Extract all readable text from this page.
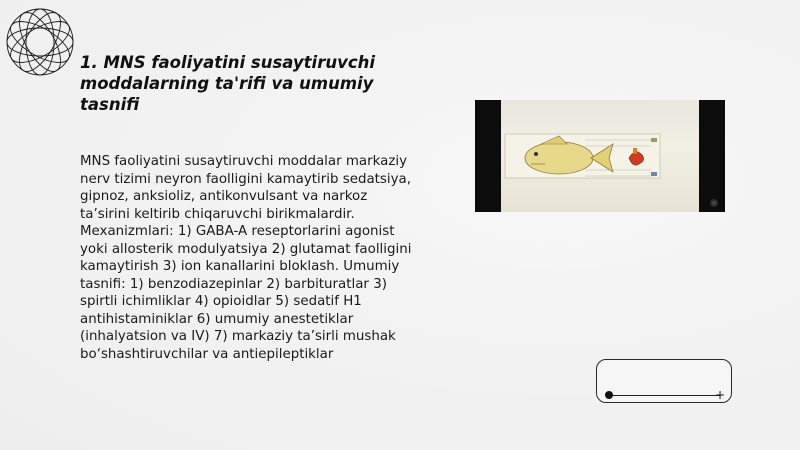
1. MNS faoliyatini susaytiruvchi moddalarning ta'rifi va umumiy tasnifi

MNS faoliyatini susaytiruvchi moddalar markaziy nerv tizimi neyron faolligini kamaytirib sedatsiya, gipnoz, anksioliz, antikonvulsant va narkoz ta’sirini keltirib chiqaruvchi birikmalardir. Mexanizmlari: 1) GABA-A reseptorlarini agonist yoki allosterik modulyatsiya 2) glutamat faolligini kamaytirish 3) ion kanallarini bloklash. Umumiy tasnifi: 1) benzodiazepinlar 2) barbituratlar 3) spirtli ichimliklar 4) opioidlar 5) sedatif H1 antihistaminiklar 6) umumiy anestetiklar (inhalyatsion va IV) 7) markaziy ta’sirli mushak bo‘shashtiruvchilar va antiepileptiklar

+
